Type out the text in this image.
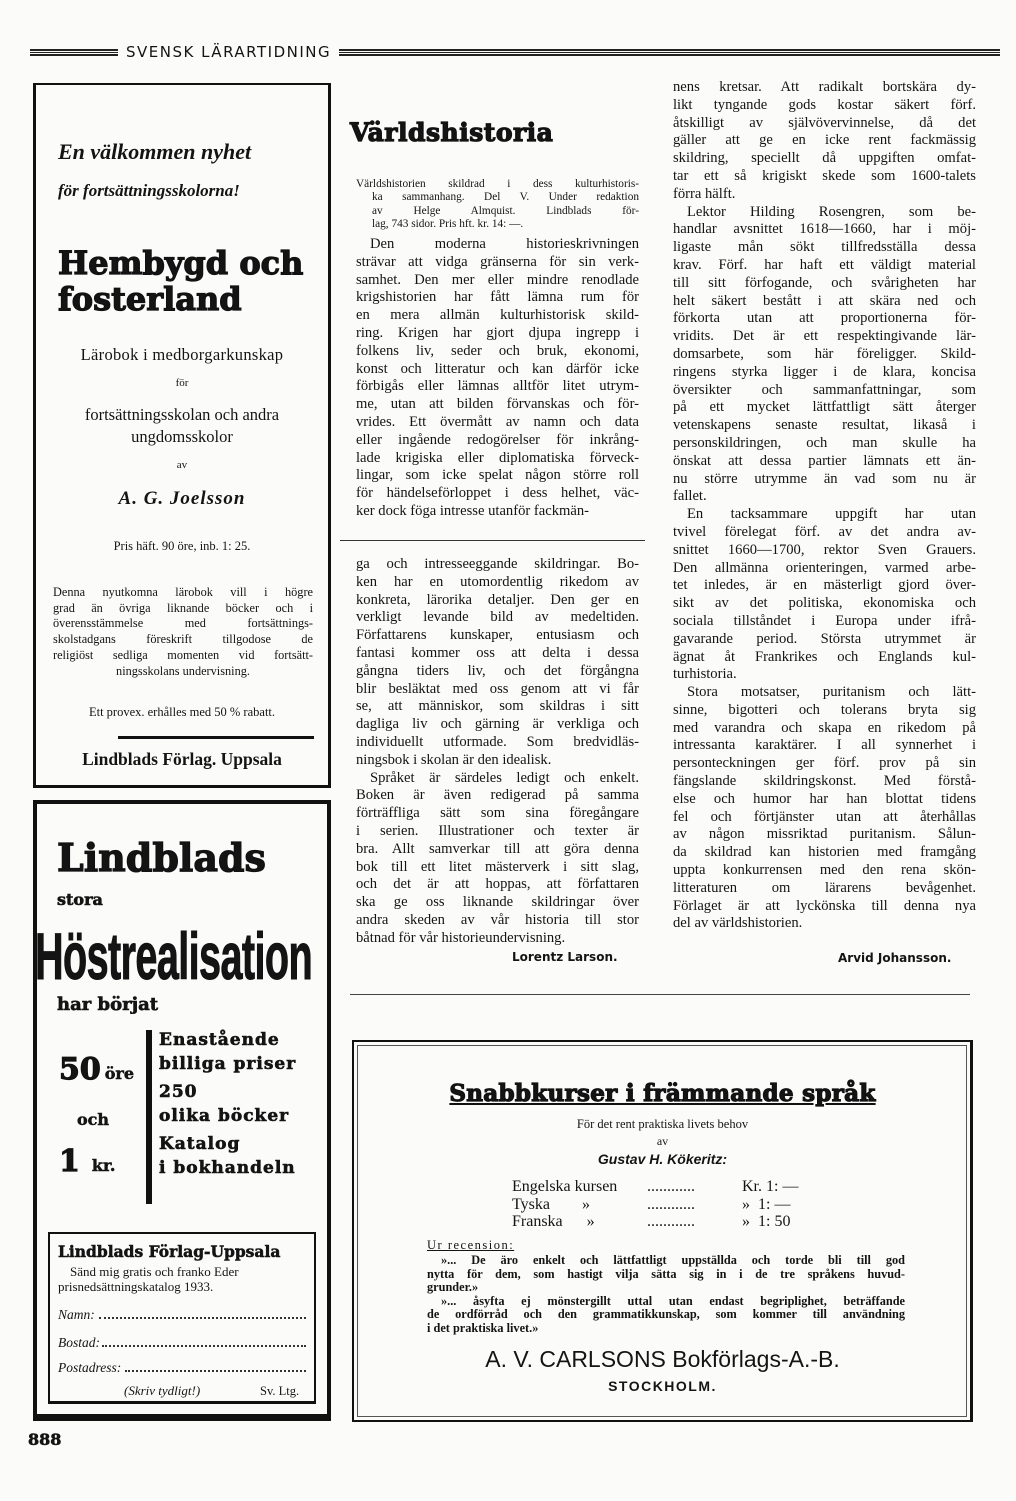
SVENSK LÄRARTIDNING
En välkommen nyhet
för fortsättningsskolorna!
Hembygd och
fosterland
Lärobok i medborgarkunskap
för
fortsättningsskolan och andra
ungdomsskolor
av
A. G. Joelsson
Pris häft. 90 öre, inb. 1: 25.
Denna nyutkomna lärobok vill i högre
grad än övriga liknande böcker och i
överensstämmelse med fortsättnings-
skolstadgans föreskrift tillgodose de
religiöst sedliga momenten vid fortsätt-
ningsskolans undervisning.
Ett provex. erhålles med 50 % rabatt.
Lindblads Förlag. Uppsala
Lindblads
stora
Höstrealisation
har börjat
50 öre
och
1 kr.
Enastående
billiga priser
250
olika böcker
Katalog
i bokhandeln
Lindblads Förlag-Uppsala
Sänd mig gratis och franko Eder
prisnedsättningskatalog 1933.
Namn:
Bostad:
Postadress:
(Skriv tydligt!)	Sv. Ltg.
888
Världshistoria
Världshistorien skildrad i dess kulturhistoris-
ka sammanhang. Del V. Under redaktion
av Helge Almquist. Lindblads för-
lag, 743 sidor. Pris hft. kr. 14: —.
Den moderna historieskrivningen
strävar att vidga gränserna för sin verk-
samhet. Den mer eller mindre renodlade
krigshistorien har fått lämna rum för
en mera allmän kulturhistorisk skild-
ring. Krigen har gjort djupa ingrepp i
folkens liv, seder och bruk, ekonomi,
konst och litteratur och kan därför icke
förbigås eller lämnas alltför litet utrym-
me, utan att bilden förvanskas och för-
vrides. Ett övermått av namn och data
eller ingående redogörelser för inkrång-
lade krigiska eller diplomatiska förveck-
lingar, som icke spelat någon större roll
för händelseförloppet i dess helhet, väc-
ker dock föga intresse utanför fackmän-
ga och intresseeggande skildringar. Bo-
ken har en utomordentlig rikedom av
konkreta, lärorika detaljer. Den ger en
verkligt levande bild av medeltiden.
Författarens kunskaper, entusiasm och
fantasi kommer oss att delta i dessa
gångna tiders liv, och det förgångna
blir besläktat med oss genom att vi får
se, att människor, som skildras i sitt
dagliga liv och gärning är verkliga och
individuellt utformade. Som bredvidläs-
ningsbok i skolan är den idealisk.
Språket är särdeles ledigt och enkelt.
Boken är även redigerad på samma
förträffliga sätt som sina föregångare
i serien. Illustrationer och texter är
bra. Allt samverkar till att göra denna
bok till ett litet mästerverk i sitt slag,
och det är att hoppas, att författaren
ska ge oss liknande skildringar över
andra skeden av vår historia till stor
båtnad för vår historieundervisning.
Lorentz Larson.
nens kretsar. Att radikalt bortskära dy-
likt tyngande gods kostar säkert förf.
åtskilligt av självövervinnelse, då det
gäller att ge en icke rent fackmässig
skildring, speciellt då uppgiften omfat-
tar ett så krigiskt skede som 1600-talets
förra hälft.
Lektor Hilding Rosengren, som be-
handlar avsnittet 1618—1660, har i möj-
ligaste mån sökt tillfredsställa dessa
krav. Förf. har haft ett väldigt material
till sitt förfogande, och svårigheten har
helt säkert bestått i att skära ned och
förkorta utan att proportionerna för-
vridits. Det är ett respektingivande lär-
domsarbete, som här föreligger. Skild-
ringens styrka ligger i de klara, koncisa
översikter och sammanfattningar, som
på ett mycket lättfattligt sätt återger
vetenskapens senaste resultat, likaså i
personskildringen, och man skulle ha
önskat att dessa partier lämnats ett än-
nu större utrymme än vad som nu är
fallet.
En tacksammare uppgift har utan
tvivel förelegat förf. av det andra av-
snittet 1660—1700, rektor Sven Grauers.
Den allmänna orienteringen, varmed arbe-
tet inledes, är en mästerligt gjord över-
sikt av det politiska, ekonomiska och
sociala tillståndet i Europa under ifrå-
gavarande period. Största utrymmet är
ägnat åt Frankrikes och Englands kul-
turhistoria.
Stora motsatser, puritanism och lätt-
sinne, bigotteri och tolerans bryta sig
med varandra och skapa en rikedom på
intressanta karaktärer. I all synnerhet i
personteckningen ger förf. prov på sin
fängslande skildringskonst. Med förstå-
else och humor har han blottat tidens
fel och förtjänster utan att återhållas
av någon missriktad puritanism. Sålun-
da skildrad kan historien med framgång
uppta konkurrensen med den rena skön-
litteraturen om lärarens bevågenhet.
Förlaget är att lyckönska till denna nya
del av världshistorien.
Arvid Johansson.
Snabbkurser i främmande språk
För det rent praktiska livets behov
av
Gustav H. Kökeritz:
Engelska kursen	............	Kr. 1: —
Tyska        »	............	»  1: —
Franska      »	............	»  1: 50
Ur recension:
»... De äro enkelt och lättfattligt uppställda och torde bli till god
nytta för dem, som hastigt vilja sätta sig in i de tre språkens huvud-
grunder.»
»... åsyfta ej mönstergillt uttal utan endast begriplighet, beträffande
de ordförråd och den grammatikkunskap, som kommer till användning
i det praktiska livet.»
A. V. CARLSONS Bokförlags-A.-B.
STOCKHOLM.
